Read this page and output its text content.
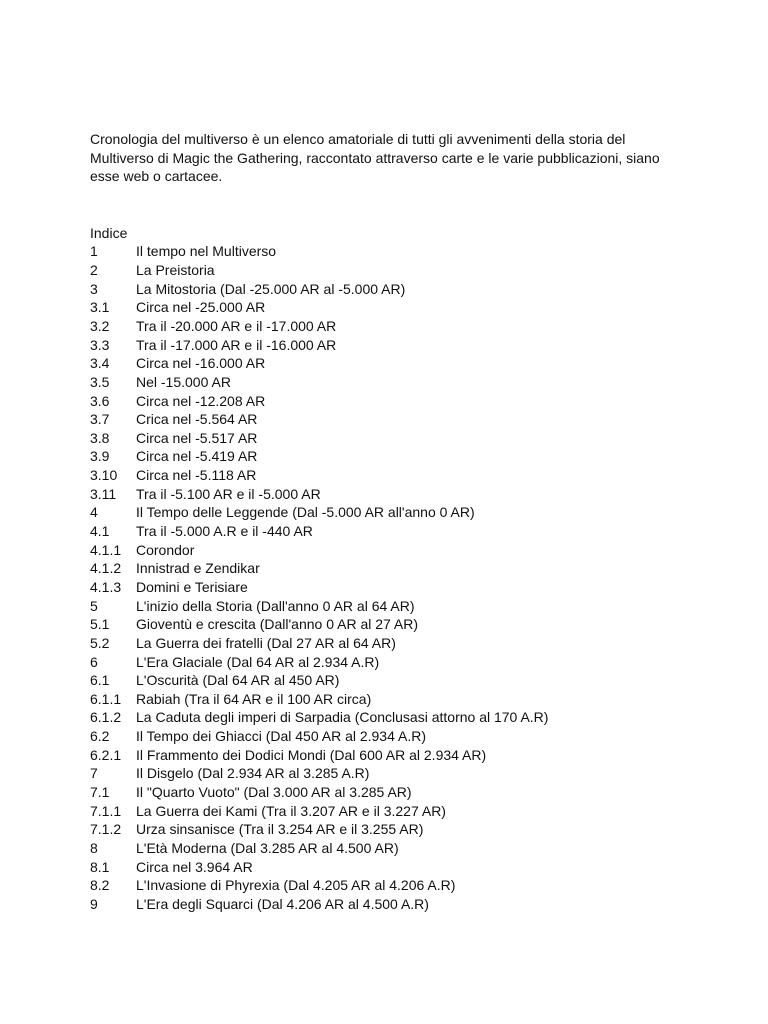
Cronologia del multiverso è un elenco amatoriale di tutti gli avvenimenti della storia del Multiverso di Magic the Gathering, raccontato attraverso carte e le varie pubblicazioni, siano esse web o cartacee.

Indice
1	Il tempo nel Multiverso
2	La Preistoria
3	La Mitostoria (Dal -25.000 AR al -5.000 AR)
3.1	Circa nel -25.000 AR
3.2	Tra il -20.000 AR e il -17.000 AR
3.3	Tra il -17.000 AR e il -16.000 AR
3.4	Circa nel -16.000 AR
3.5	Nel -15.000 AR
3.6	Circa nel -12.208 AR
3.7	Crica nel -5.564 AR
3.8	Circa nel -5.517 AR
3.9	Circa nel -5.419 AR
3.10	Circa nel -5.118 AR
3.11	Tra il -5.100 AR e il -5.000 AR
4	Il Tempo delle Leggende (Dal -5.000 AR all'anno 0 AR)
4.1	Tra il -5.000 A.R e il -440 AR
4.1.1	Corondor
4.1.2	Innistrad e Zendikar
4.1.3	Domini e Terisiare
5	L'inizio della Storia (Dall'anno 0 AR al 64 AR)
5.1	Gioventù e crescita (Dall'anno 0 AR al 27 AR)
5.2	La Guerra dei fratelli (Dal 27 AR al 64 AR)
6	L'Era Glaciale (Dal 64 AR al 2.934 A.R)
6.1	L'Oscurità (Dal 64 AR al 450 AR)
6.1.1	Rabiah (Tra il 64 AR e il 100 AR circa)
6.1.2	La Caduta degli imperi di Sarpadia (Conclusasi attorno al 170 A.R)
6.2	Il Tempo dei Ghiacci (Dal 450 AR al 2.934 A.R)
6.2.1	Il Frammento dei Dodici Mondi (Dal 600 AR al 2.934 AR)
7	Il Disgelo (Dal 2.934 AR al 3.285 A.R)
7.1	Il "Quarto Vuoto" (Dal 3.000 AR al 3.285 AR)
7.1.1	La Guerra dei Kami (Tra il 3.207 AR e il 3.227 AR)
7.1.2	Urza sinsanisce (Tra il 3.254 AR e il 3.255 AR)
8	L'Età Moderna (Dal 3.285 AR al 4.500 AR)
8.1	Circa nel 3.964 AR
8.2	L'Invasione di Phyrexia (Dal 4.205 AR al 4.206 A.R)
9	L'Era degli Squarci (Dal 4.206 AR al 4.500 A.R)
